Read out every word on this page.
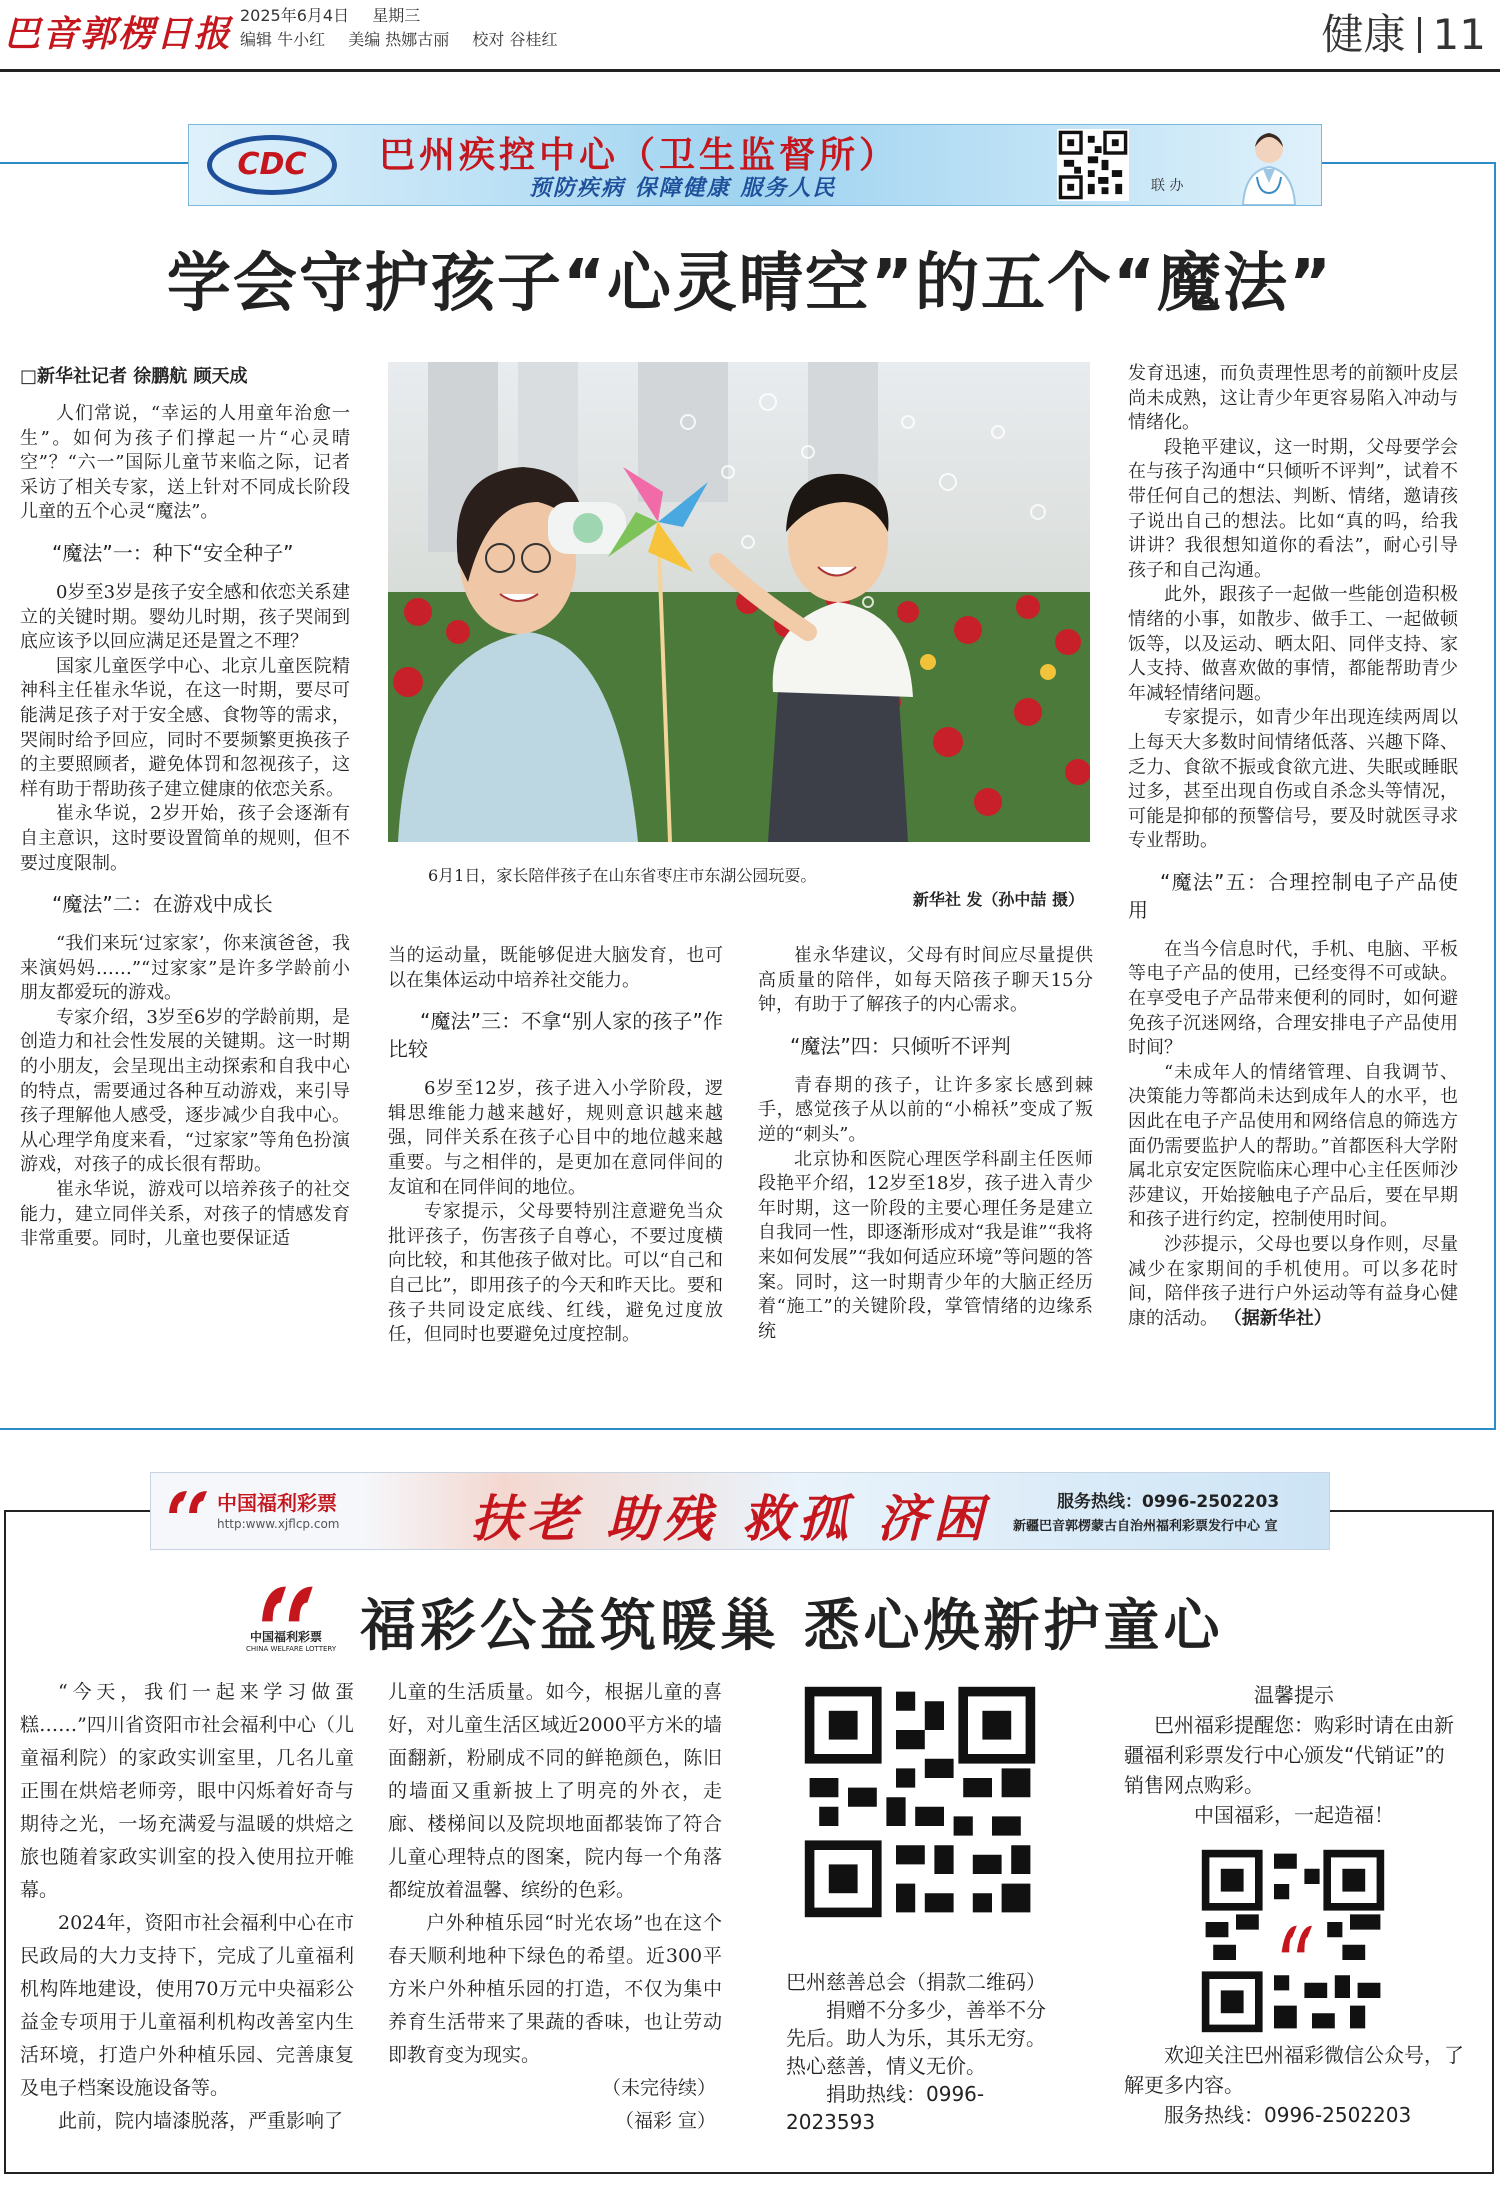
巴音郭楞日报 2025年6月4日 星期三
编辑 牛小红 美编 热娜古丽 校对 谷桂红	健康 11
CDC	巴州疾控中心（卫生监督所）
预防疾病 保障健康 服务人民	联 办
学会守护孩子“心灵晴空”的五个“魔法”
□新华社记者 徐鹏航 顾天成

人们常说，“幸运的人用童年治愈一生”。如何为孩子们撑起一片“心灵晴空”？“六一”国际儿童节来临之际，记者采访了相关专家，送上针对不同成长阶段儿童的五个心灵“魔法”。

“魔法”一：种下“安全种子”

0岁至3岁是孩子安全感和依恋关系建立的关键时期。婴幼儿时期，孩子哭闹到底应该予以回应满足还是置之不理？

国家儿童医学中心、北京儿童医院精神科主任崔永华说，在这一时期，要尽可能满足孩子对于安全感、食物等的需求，哭闹时给予回应，同时不要频繁更换孩子的主要照顾者，避免体罚和忽视孩子，这样有助于帮助孩子建立健康的依恋关系。

崔永华说，2岁开始，孩子会逐渐有自主意识，这时要设置简单的规则，但不要过度限制。

“魔法”二：在游戏中成长

“我们来玩‘过家家’，你来演爸爸，我来演妈妈……”“过家家”是许多学龄前小朋友都爱玩的游戏。

专家介绍，3岁至6岁的学龄前期，是创造力和社会性发展的关键期。这一时期的小朋友，会呈现出主动探索和自我中心的特点，需要通过各种互动游戏，来引导孩子理解他人感受，逐步减少自我中心。从心理学角度来看，“过家家”等角色扮演游戏，对孩子的成长很有帮助。

崔永华说，游戏可以培养孩子的社交能力，建立同伴关系，对孩子的情感发育非常重要。同时，儿童也要保证适

6月1日，家长陪伴孩子在山东省枣庄市东湖公园玩耍。
新华社 发（孙中喆 摄）

当的运动量，既能够促进大脑发育，也可以在集体运动中培养社交能力。

“魔法”三：不拿“别人家的孩子”作比较

6岁至12岁，孩子进入小学阶段，逻辑思维能力越来越好，规则意识越来越强，同伴关系在孩子心目中的地位越来越重要。与之相伴的，是更加在意同伴间的友谊和在同伴间的地位。

专家提示，父母要特别注意避免当众批评孩子，伤害孩子自尊心，不要过度横向比较，和其他孩子做对比。可以“自己和自己比”，即用孩子的今天和昨天比。要和孩子共同设定底线、红线，避免过度放任，但同时也要避免过度控制。

崔永华建议，父母有时间应尽量提供高质量的陪伴，如每天陪孩子聊天15分钟，有助于了解孩子的内心需求。

“魔法”四：只倾听不评判

青春期的孩子，让许多家长感到棘手，感觉孩子从以前的“小棉袄”变成了叛逆的“刺头”。

北京协和医院心理医学科副主任医师段艳平介绍，12岁至18岁，孩子进入青少年时期，这一阶段的主要心理任务是建立自我同一性，即逐渐形成对“我是谁”“我将来如何发展”“我如何适应环境”等问题的答案。同时，这一时期青少年的大脑正经历着“施工”的关键阶段，掌管情绪的边缘系统

发育迅速，而负责理性思考的前额叶皮层尚未成熟，这让青少年更容易陷入冲动与情绪化。

段艳平建议，这一时期，父母要学会在与孩子沟通中“只倾听不评判”，试着不带任何自己的想法、判断、情绪，邀请孩子说出自己的想法。比如“真的吗，给我讲讲？我很想知道你的看法”，耐心引导孩子和自己沟通。

此外，跟孩子一起做一些能创造积极情绪的小事，如散步、做手工、一起做顿饭等，以及运动、晒太阳、同伴支持、家人支持、做喜欢做的事情，都能帮助青少年减轻情绪问题。

专家提示，如青少年出现连续两周以上每天大多数时间情绪低落、兴趣下降、乏力、食欲不振或食欲亢进、失眠或睡眠过多，甚至出现自伤或自杀念头等情况，可能是抑郁的预警信号，要及时就医寻求专业帮助。

“魔法”五：合理控制电子产品使用

在当今信息时代，手机、电脑、平板等电子产品的使用，已经变得不可或缺。在享受电子产品带来便利的同时，如何避免孩子沉迷网络，合理安排电子产品使用时间？

“未成年人的情绪管理、自我调节、决策能力等都尚未达到成年人的水平，也因此在电子产品使用和网络信息的筛选方面仍需要监护人的帮助。”首都医科大学附属北京安定医院临床心理中心主任医师沙莎建议，开始接触电子产品后，要在早期和孩子进行约定，控制使用时间。

沙莎提示，父母也要以身作则，尽量减少在家期间的手机使用。可以多花时间，陪伴孩子进行户外运动等有益身心健康的活动。 （据新华社）

中国福利彩票
http:www.xjflcp.com	扶老 助残 救孤 济困	服务热线：0996-2502203
新疆巴音郭楞蒙古自治州福利彩票发行中心 宣
中国福利彩票
CHINA WELFARE LOTTERY 福彩公益筑暖巢 悉心焕新护童心

“今天，我们一起来学习做蛋糕……”四川省资阳市社会福利中心（儿童福利院）的家政实训室里，几名儿童正围在烘焙老师旁，眼中闪烁着好奇与期待之光，一场充满爱与温暖的烘焙之旅也随着家政实训室的投入使用拉开帷幕。

2024年，资阳市社会福利中心在市民政局的大力支持下，完成了儿童福利机构阵地建设，使用70万元中央福彩公益金专项用于儿童福利机构改善室内生活环境，打造户外种植乐园、完善康复及电子档案设施设备等。

此前，院内墙漆脱落，严重影响了

儿童的生活质量。如今，根据儿童的喜好，对儿童生活区域近2000平方米的墙面翻新，粉刷成不同的鲜艳颜色，陈旧的墙面又重新披上了明亮的外衣，走廊、楼梯间以及院坝地面都装饰了符合儿童心理特点的图案，院内每一个角落都绽放着温馨、缤纷的色彩。

户外种植乐园“时光农场”也在这个春天顺利地种下绿色的希望。近300平方米户外种植乐园的打造，不仅为集中养育生活带来了果蔬的香味，也让劳动即教育变为现实。

（未完待续）

（福彩 宣）

巴州慈善总会（捐款二维码）
捐赠不分多少，善举不分先后。助人为乐，其乐无穷。热心慈善，情义无价。
捐助热线：0996-2023593
温馨提示

巴州福彩提醒您：购彩时请在由新疆福利彩票发行中心颁发“代销证”的销售网点购彩。

中国福彩，一起造福！

欢迎关注巴州福彩微信公众号，了解更多内容。

服务热线：0996-2502203
